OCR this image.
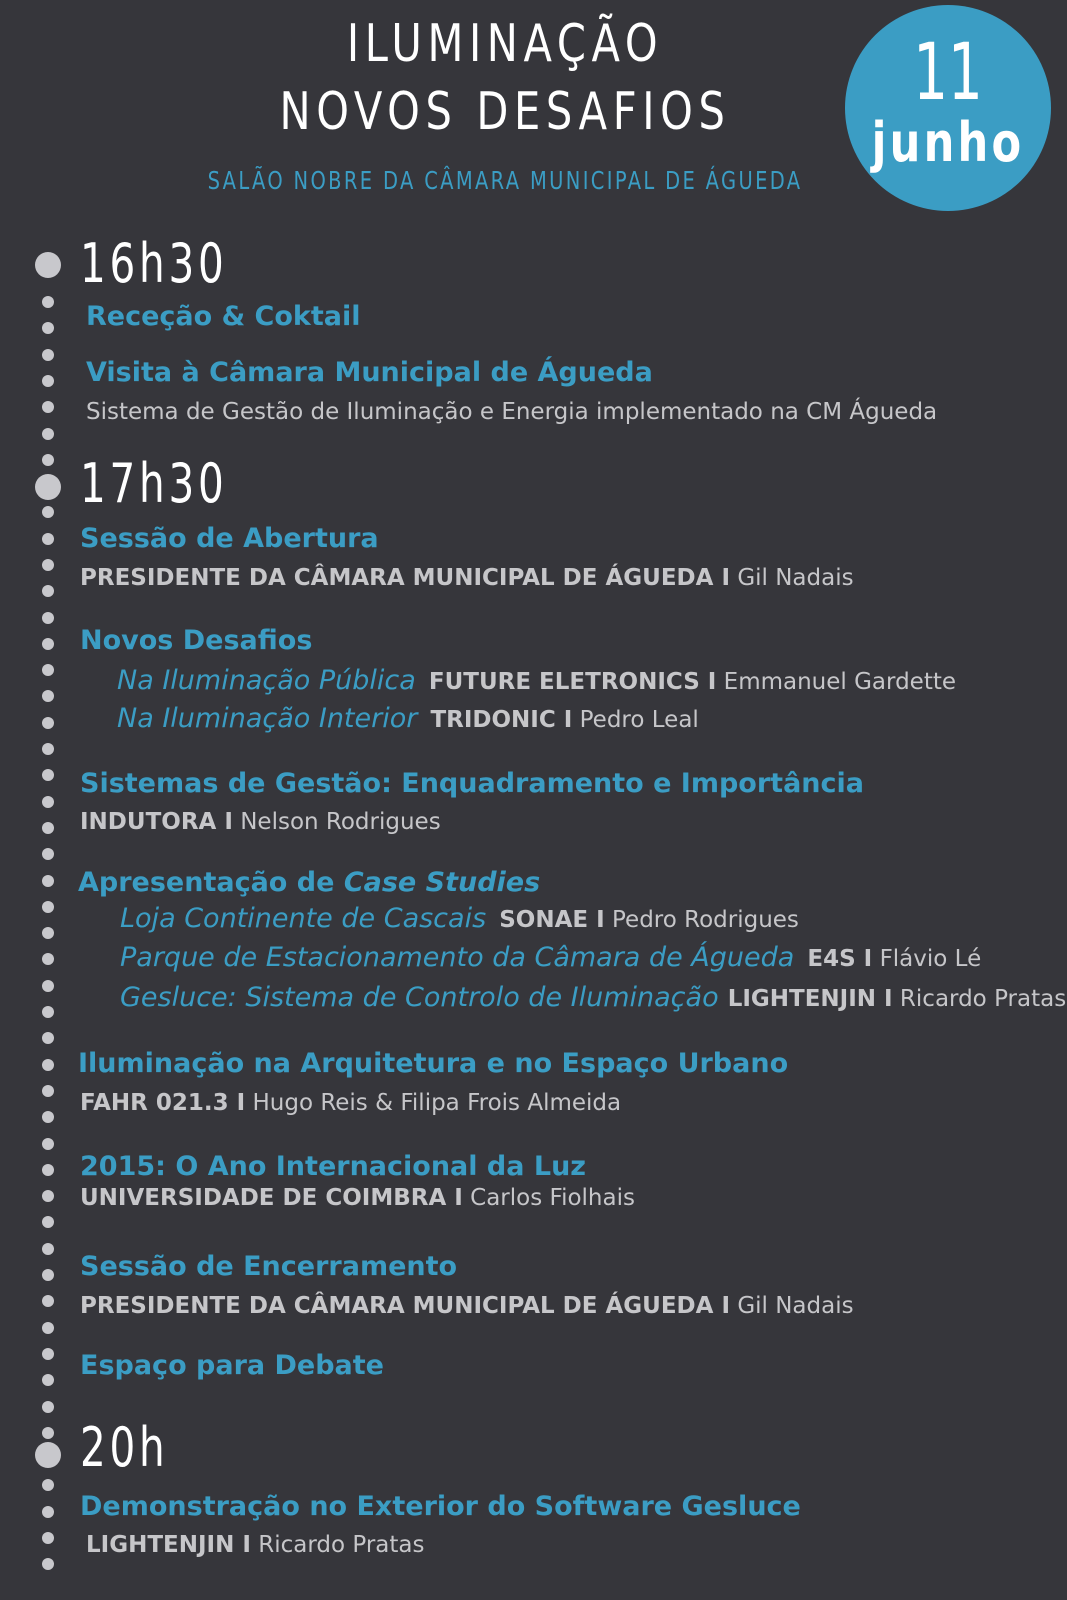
ILUMINAÇÃO
NOVOS DESAFIOS
SALÃO NOBRE DA CÂMARA MUNICIPAL DE ÁGUEDA
11
junho
16h30
Receção & Coktail
Visita à Câmara Municipal de Águeda
Sistema de Gestão de Iluminação e Energia implementado na CM Águeda
17h30
Sessão de Abertura
PRESIDENTE DA CÂMARA MUNICIPAL DE ÁGUEDA I Gil Nadais
Novos Desafios
Na Iluminação Pública FUTURE ELETRONICS I Emmanuel Gardette
Na Iluminação Interior TRIDONIC I Pedro Leal
Sistemas de Gestão: Enquadramento e Importância
INDUTORA I Nelson Rodrigues
Apresentação de Case Studies
Loja Continente de Cascais SONAE I Pedro Rodrigues
Parque de Estacionamento da Câmara de Águeda E4S I Flávio Lé
Gesluce: Sistema de Controlo de Iluminação LIGHTENJIN I Ricardo Pratas
Iluminação na Arquitetura e no Espaço Urbano
FAHR 021.3 I Hugo Reis & Filipa Frois Almeida
2015: O Ano Internacional da Luz
UNIVERSIDADE DE COIMBRA I Carlos Fiolhais
Sessão de Encerramento
PRESIDENTE DA CÂMARA MUNICIPAL DE ÁGUEDA I Gil Nadais
Espaço para Debate
20h
Demonstração no Exterior do Software Gesluce
LIGHTENJIN I Ricardo Pratas
